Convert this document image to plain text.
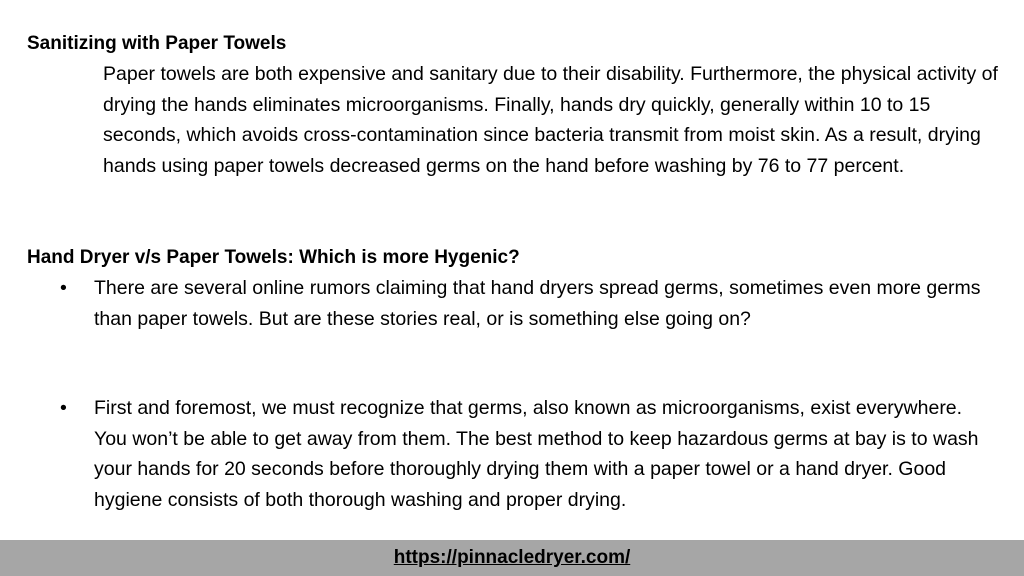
Sanitizing with Paper Towels

Paper towels are both expensive and sanitary due to their disability. Furthermore, the physical activity of drying the hands eliminates microorganisms. Finally, hands dry quickly, generally within 10 to 15 seconds, which avoids cross-contamination since bacteria transmit from moist skin. As a result, drying hands using paper towels decreased germs on the hand before washing by 76 to 77 percent.

Hand Dryer v/s Paper Towels: Which is more Hygenic?
• There are several online rumors claiming that hand dryers spread germs, sometimes even more germs than paper towels. But are these stories real, or is something else going on?

• First and foremost, we must recognize that germs, also known as microorganisms, exist everywhere. You won’t be able to get away from them. The best method to keep hazardous germs at bay is to wash your hands for 20 seconds before thoroughly drying them with a paper towel or a hand dryer. Good hygiene consists of both thorough washing and proper drying.

https://pinnacledryer.com/
